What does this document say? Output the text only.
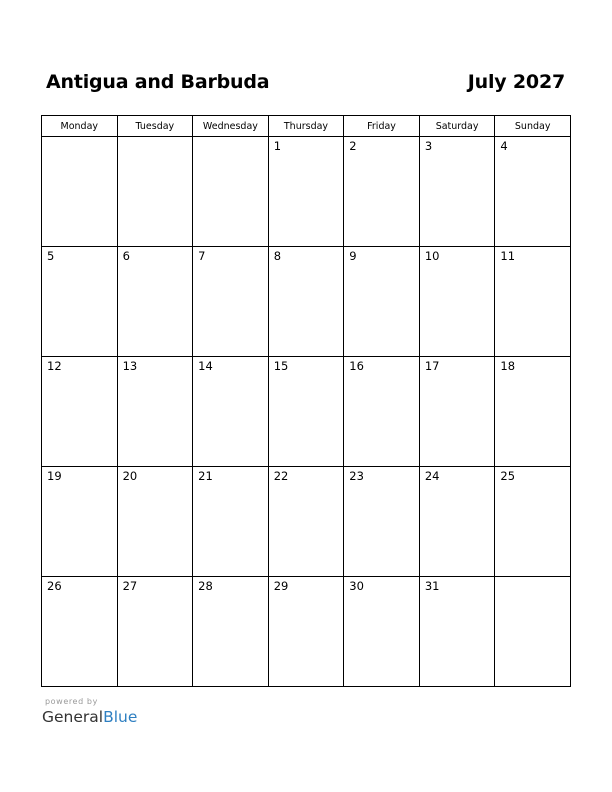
Antigua and Barbuda	July 2027
Monday	Tuesday	Wednesday	Thursday	Friday	Saturday	Sunday

			1	2	3	4

5	6	7	8	9	10	11

12	13	14	15	16	17	18

19	20	21	22	23	24	25

26	27	28	29	30	31	

powered by
GeneralBlue
